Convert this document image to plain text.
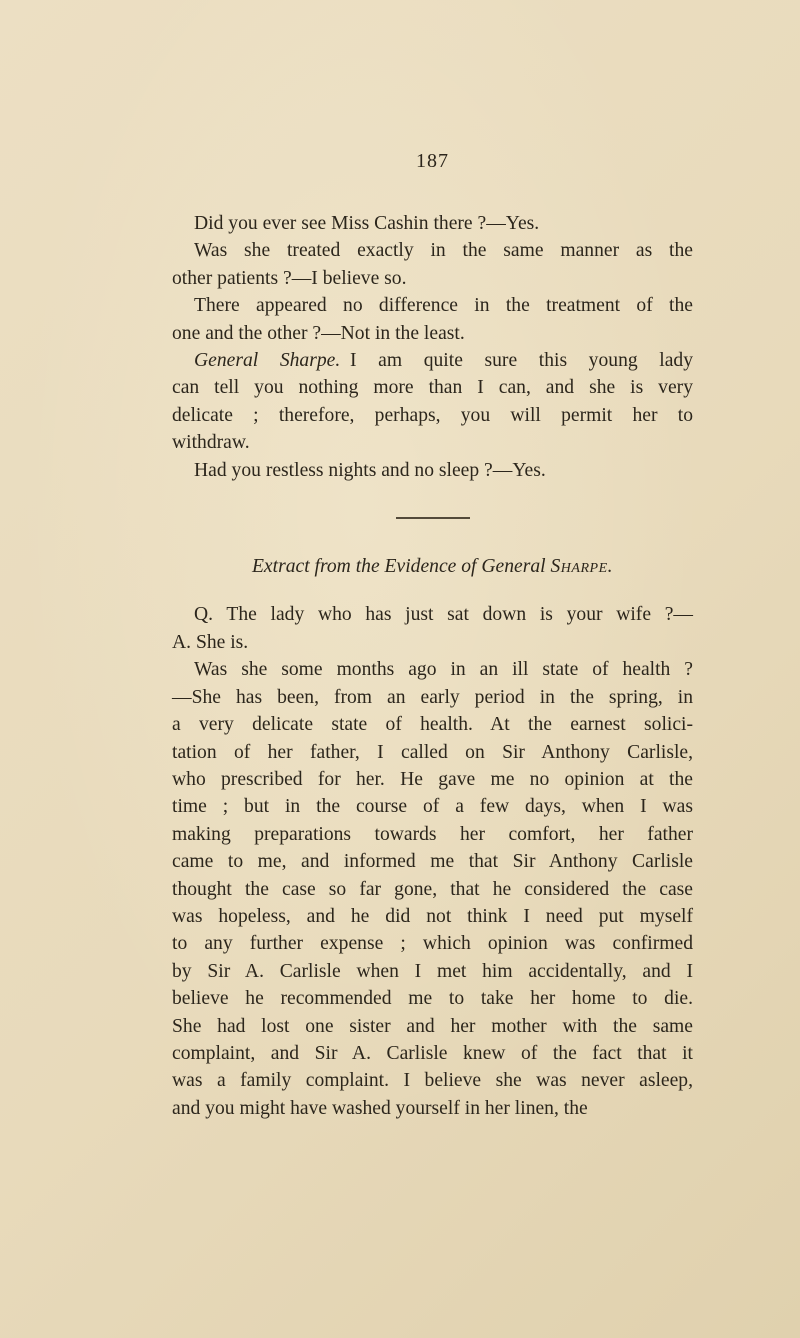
187
Did you ever see Miss Cashin there ?—Yes.
Was she treated exactly in the same manner as the
other patients ?—I believe so.
There appeared no difference in the treatment of the
one and the other ?—Not in the least.
General Sharpe. I am quite sure this young lady
can tell you nothing more than I can, and she is very
delicate ; therefore, perhaps, you will permit her to
withdraw.
Had you restless nights and no sleep ?—Yes.
Extract from the Evidence of General Sharpe.
Q. The lady who has just sat down is your wife ?—
A. She is.
Was she some months ago in an ill state of health ?
—She has been, from an early period in the spring, in
a very delicate state of health. At the earnest solici-
tation of her father, I called on Sir Anthony Carlisle,
who prescribed for her. He gave me no opinion at the
time ; but in the course of a few days, when I was
making preparations towards her comfort, her father
came to me, and informed me that Sir Anthony Carlisle
thought the case so far gone, that he considered the case
was hopeless, and he did not think I need put myself
to any further expense ; which opinion was confirmed
by Sir A. Carlisle when I met him accidentally, and I
believe he recommended me to take her home to die.
She had lost one sister and her mother with the same
complaint, and Sir A. Carlisle knew of the fact that it
was a family complaint. I believe she was never asleep,
and you might have washed yourself in her linen, the
